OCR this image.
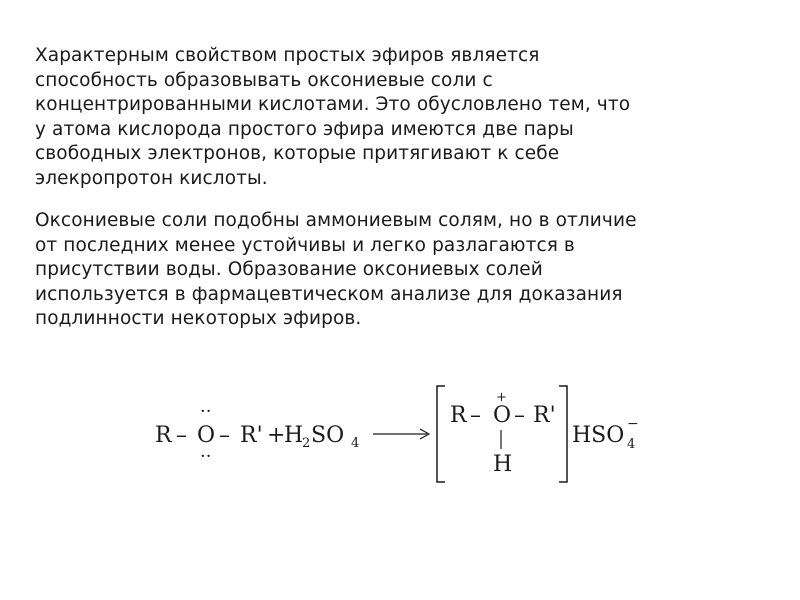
Характерным свойством простых эфиров является
способность образовывать оксониевые соли с
концентрированными кислотами. Это обусловлено тем, что
у атома кислорода простого эфира имеются две пары
свободных электронов, которые притягивают к себе
элекропротон кислоты.
Оксониевые соли подобны аммониевым солям, но в отличие
от последних менее устойчивы и легко разлагаются в
присутствии воды. Образование оксониевых солей
используется в фармацевтическом анализе для доказания
подлинности некоторых эфиров.
R – O
··
··
– R' +
H
2 SO 4
R – O
+
– R'
H
HSO 4
−
